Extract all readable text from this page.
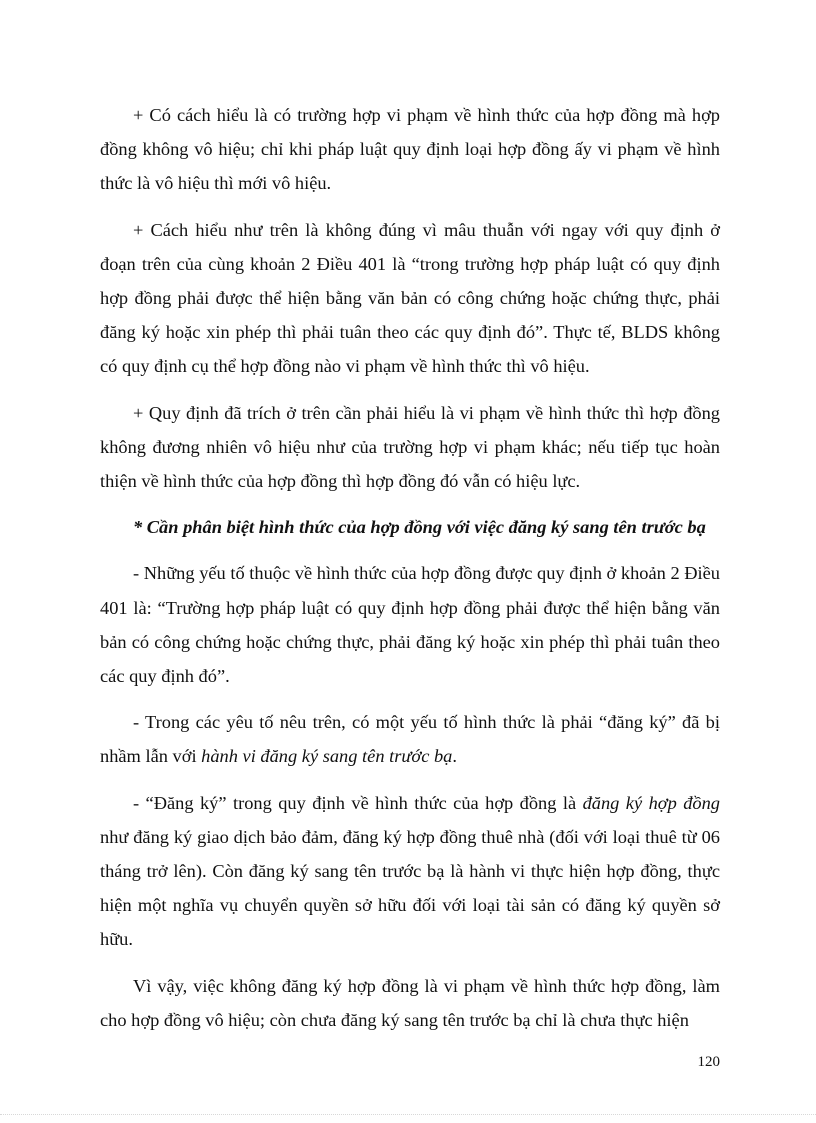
+ Có cách hiểu là có trường hợp vi phạm về hình thức của hợp đồng mà hợp đồng không vô hiệu; chỉ khi pháp luật quy định loại hợp đồng ấy vi phạm về hình thức là vô hiệu thì mới vô hiệu.

+ Cách hiểu như trên là không đúng vì mâu thuẫn với ngay với quy định ở đoạn trên của cùng khoản 2 Điều 401 là “trong trường hợp pháp luật có quy định hợp đồng phải được thể hiện bằng văn bản có công chứng hoặc chứng thực, phải đăng ký hoặc xin phép thì phải tuân theo các quy định đó”. Thực tế, BLDS không có quy định cụ thể hợp đồng nào vi phạm về hình thức thì vô hiệu.

+ Quy định đã trích ở trên cần phải hiểu là vi phạm về hình thức thì hợp đồng không đương nhiên vô hiệu như của trường hợp vi phạm khác; nếu tiếp tục hoàn thiện về hình thức của hợp đồng thì hợp đồng đó vẫn có hiệu lực.

* Cần phân biệt hình thức của hợp đồng với việc đăng ký sang tên trước bạ

- Những yếu tố thuộc về hình thức của hợp đồng được quy định ở khoản 2 Điều 401 là: “Trường hợp pháp luật có quy định hợp đồng phải được thể hiện bằng văn bản có công chứng hoặc chứng thực, phải đăng ký hoặc xin phép thì phải tuân theo các quy định đó”.

- Trong các yêu tố nêu trên, có một yếu tố hình thức là phải “đăng ký” đã bị nhầm lẫn với hành vi đăng ký sang tên trước bạ.

- “Đăng ký” trong quy định về hình thức của hợp đồng là đăng ký hợp đồng như đăng ký giao dịch bảo đảm, đăng ký hợp đồng thuê nhà (đối với loại thuê từ 06 tháng trở lên). Còn đăng ký sang tên trước bạ là hành vi thực hiện hợp đồng, thực hiện một nghĩa vụ chuyển quyền sở hữu đối với loại tài sản có đăng ký quyền sở hữu.

Vì vậy, việc không đăng ký hợp đồng là vi phạm về hình thức hợp đồng, làm cho hợp đồng vô hiệu; còn chưa đăng ký sang tên trước bạ chỉ là chưa thực hiện

120
